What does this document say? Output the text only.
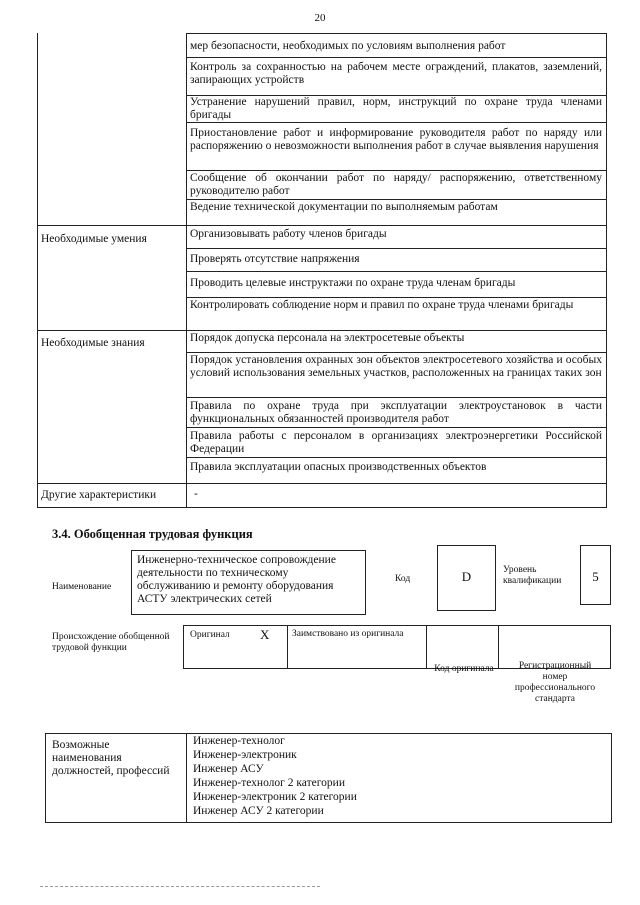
20
мер безопасности, необходимых по условиям выполнения работ
Контроль за сохранностью на рабочем месте ограждений, плакатов, заземлений, запирающих устройств
Устранение нарушений правил, норм, инструкций по охране труда членами бригады
Приостановление работ и информирование руководителя работ по наряду или распоряжению о невозможности выполнения работ в случае выявления нарушения
Сообщение об окончании работ по наряду/ распоряжению, ответственному руководителю работ
Ведение технической документации по выполняемым работам
Необходимые умения	Организовывать работу членов бригады
Проверять отсутствие напряжения
Проводить целевые инструктажи по охране труда членам бригады
Контролировать соблюдение норм и правил по охране труда членами бригады
Необходимые знания	Порядок допуска персонала на электросетевые объекты
Порядок установления охранных зон объектов электросетевого хозяйства и особых условий использования земельных участков, расположенных на границах таких зон
Правила по охране труда при эксплуатации электроустановок в части функциональных обязанностей производителя работ
Правила работы с персоналом в организациях электроэнергетики Российской Федерации
Правила эксплуатации опасных производственных объектов
Другие характеристики	-
3.4. Обобщенная трудовая функция
Наименование
Инженерно-техническое сопровождение деятельности по техническому обслуживанию и ремонту оборудования АСТУ электрических сетей
Код	D	Уровень квалификации	5
Происхождение обобщенной трудовой функции
Оригинал X Заимствовано из оригинала
Код оригинала	Регистрационный номер профессионального стандарта
Возможные наименования должностей, профессий
Инженер-технолог
Инженер-электроник
Инженер АСУ
Инженер-технолог 2 категории
Инженер-электроник 2 категории
Инженер АСУ 2 категории
